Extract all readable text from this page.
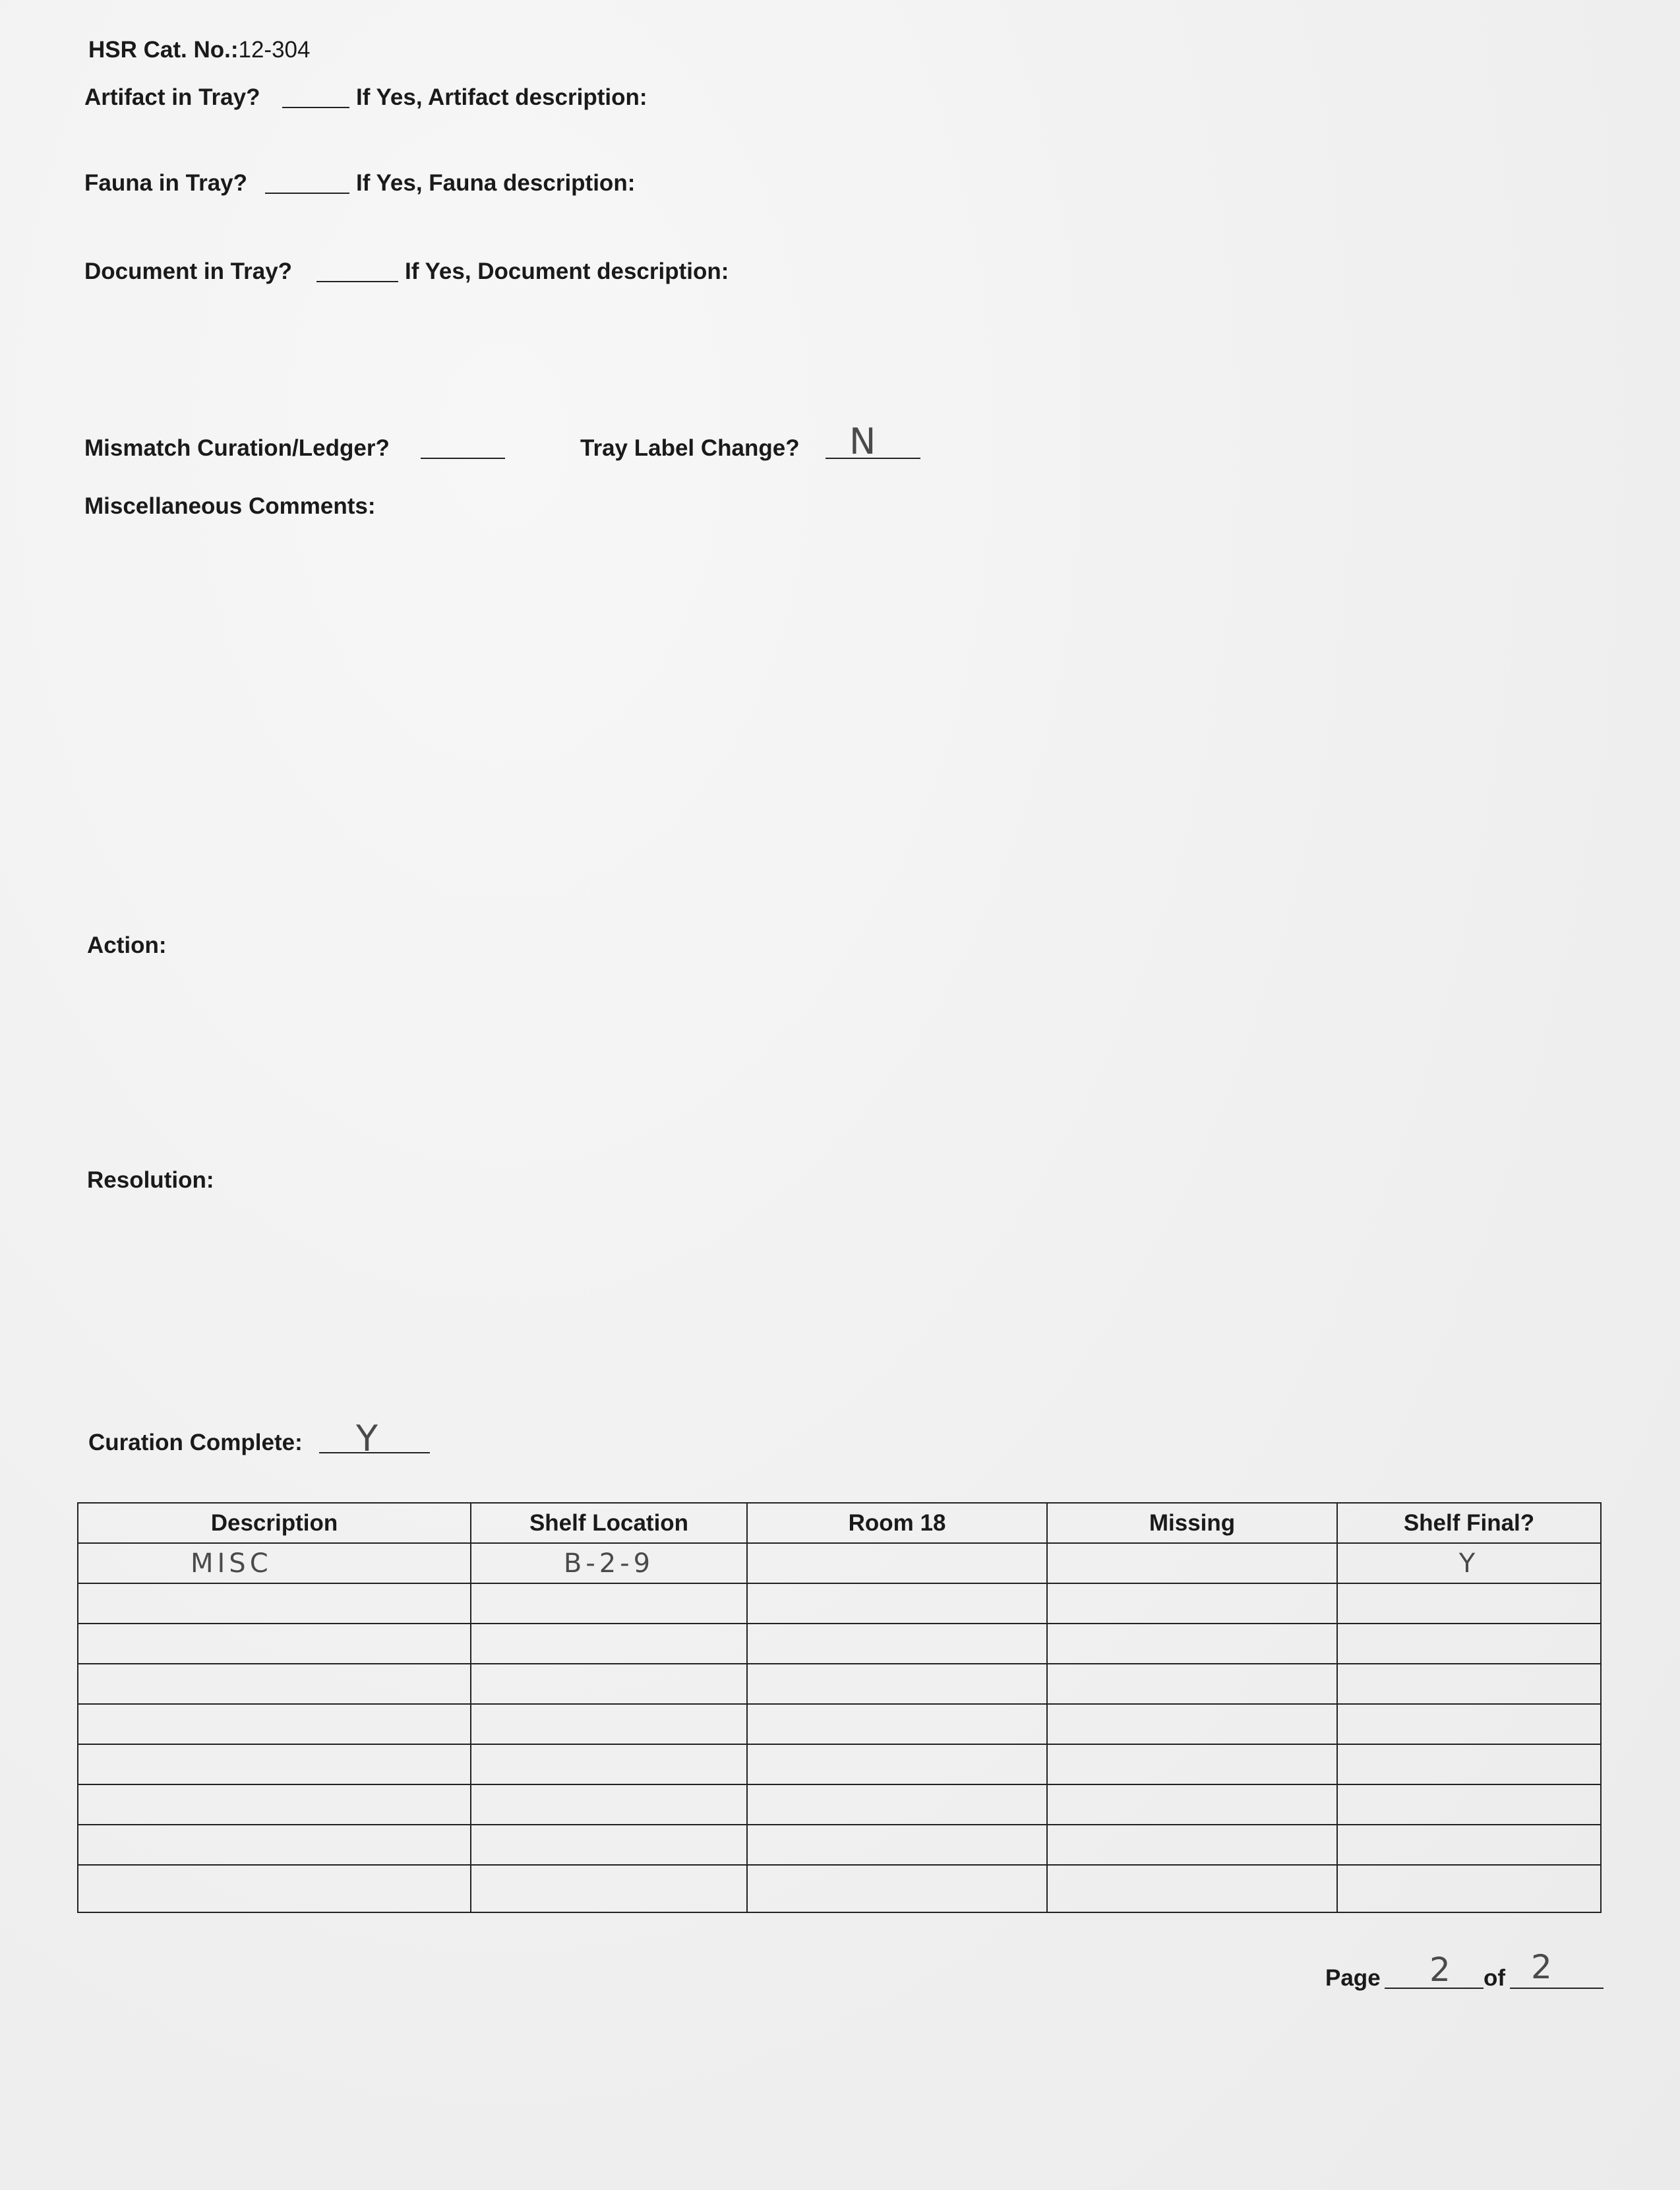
HSR Cat. No.:12-304
Artifact in Tray?	If Yes, Artifact description:
Fauna in Tray?	If Yes, Fauna description:
Document in Tray?	If Yes, Document description:
Mismatch Curation/Ledger?	Tray Label Change? N
Miscellaneous Comments:
Action:
Resolution:
Curation Complete: Y
Description	Shelf Location	Room 18	Missing	Shelf Final?
MISC	B-2-9			Y

Page 2 of 2
